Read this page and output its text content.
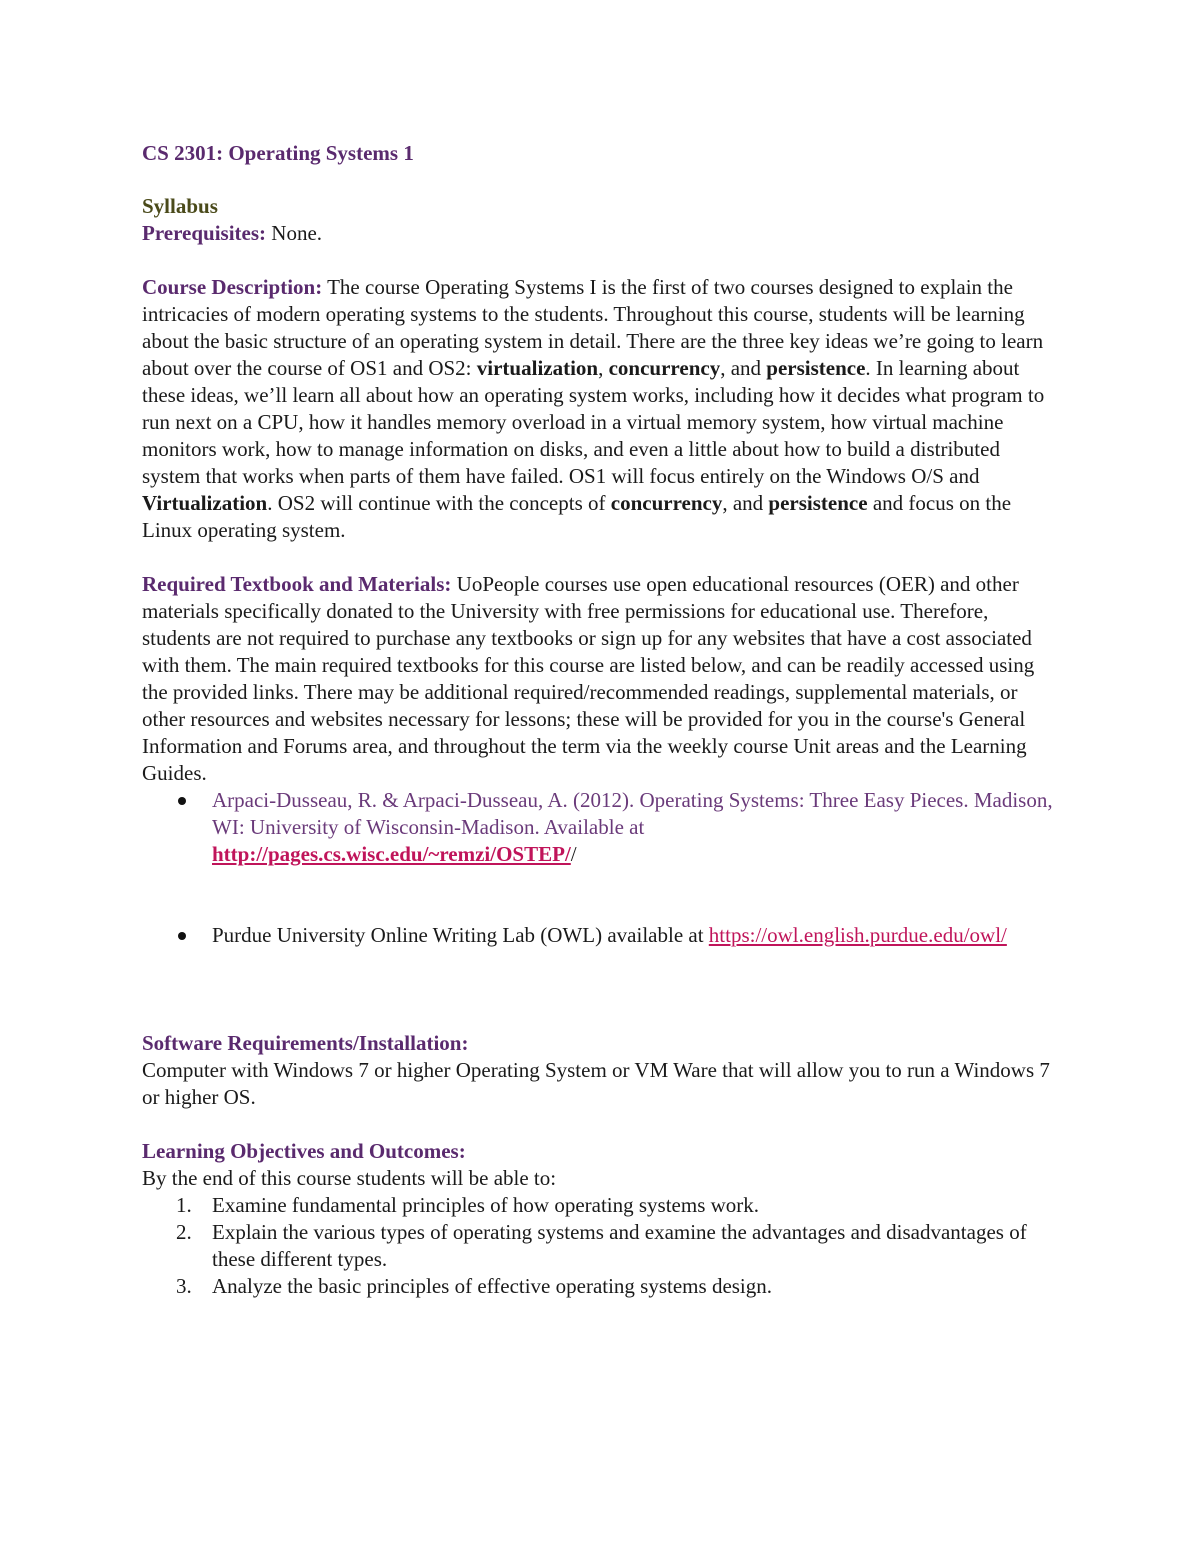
CS 2301: Operating Systems 1

Syllabus

Prerequisites: None.

Course Description: The course Operating Systems I is the first of two courses designed to explain the intricacies of modern operating systems to the students. Throughout this course, students will be learning about the basic structure of an operating system in detail. There are the three key ideas we’re going to learn about over the course of OS1 and OS2: virtualization, concurrency, and persistence. In learning about these ideas, we’ll learn all about how an operating system works, including how it decides what program to run next on a CPU, how it handles memory overload in a virtual memory system, how virtual machine monitors work, how to manage information on disks, and even a little about how to build a distributed system that works when parts of them have failed. OS1 will focus entirely on the Windows O/S and Virtualization. OS2 will continue with the concepts of concurrency, and persistence and focus on the Linux operating system.

Required Textbook and Materials: UoPeople courses use open educational resources (OER) and other materials specifically donated to the University with free permissions for educational use. Therefore, students are not required to purchase any textbooks or sign up for any websites that have a cost associated with them. The main required textbooks for this course are listed below, and can be readily accessed using the provided links. There may be additional required/recommended readings, supplemental materials, or other resources and websites necessary for lessons; these will be provided for you in the course's General Information and Forums area, and throughout the term via the weekly course Unit areas and the Learning Guides.

Arpaci-Dusseau, R. & Arpaci-Dusseau, A. (2012). Operating Systems: Three Easy Pieces. Madison, WI: University of Wisconsin-Madison. Available at
http://pages.cs.wisc.edu/~remzi/OSTEP//
Purdue University Online Writing Lab (OWL) available at https://owl.english.purdue.edu/owl/

Software Requirements/Installation:

Computer with Windows 7 or higher Operating System or VM Ware that will allow you to run a Windows 7 or higher OS.

Learning Objectives and Outcomes:

By the end of this course students will be able to:

1. Examine fundamental principles of how operating systems work.
2. Explain the various types of operating systems and examine the advantages and disadvantages of these different types.
3. Analyze the basic principles of effective operating systems design.
